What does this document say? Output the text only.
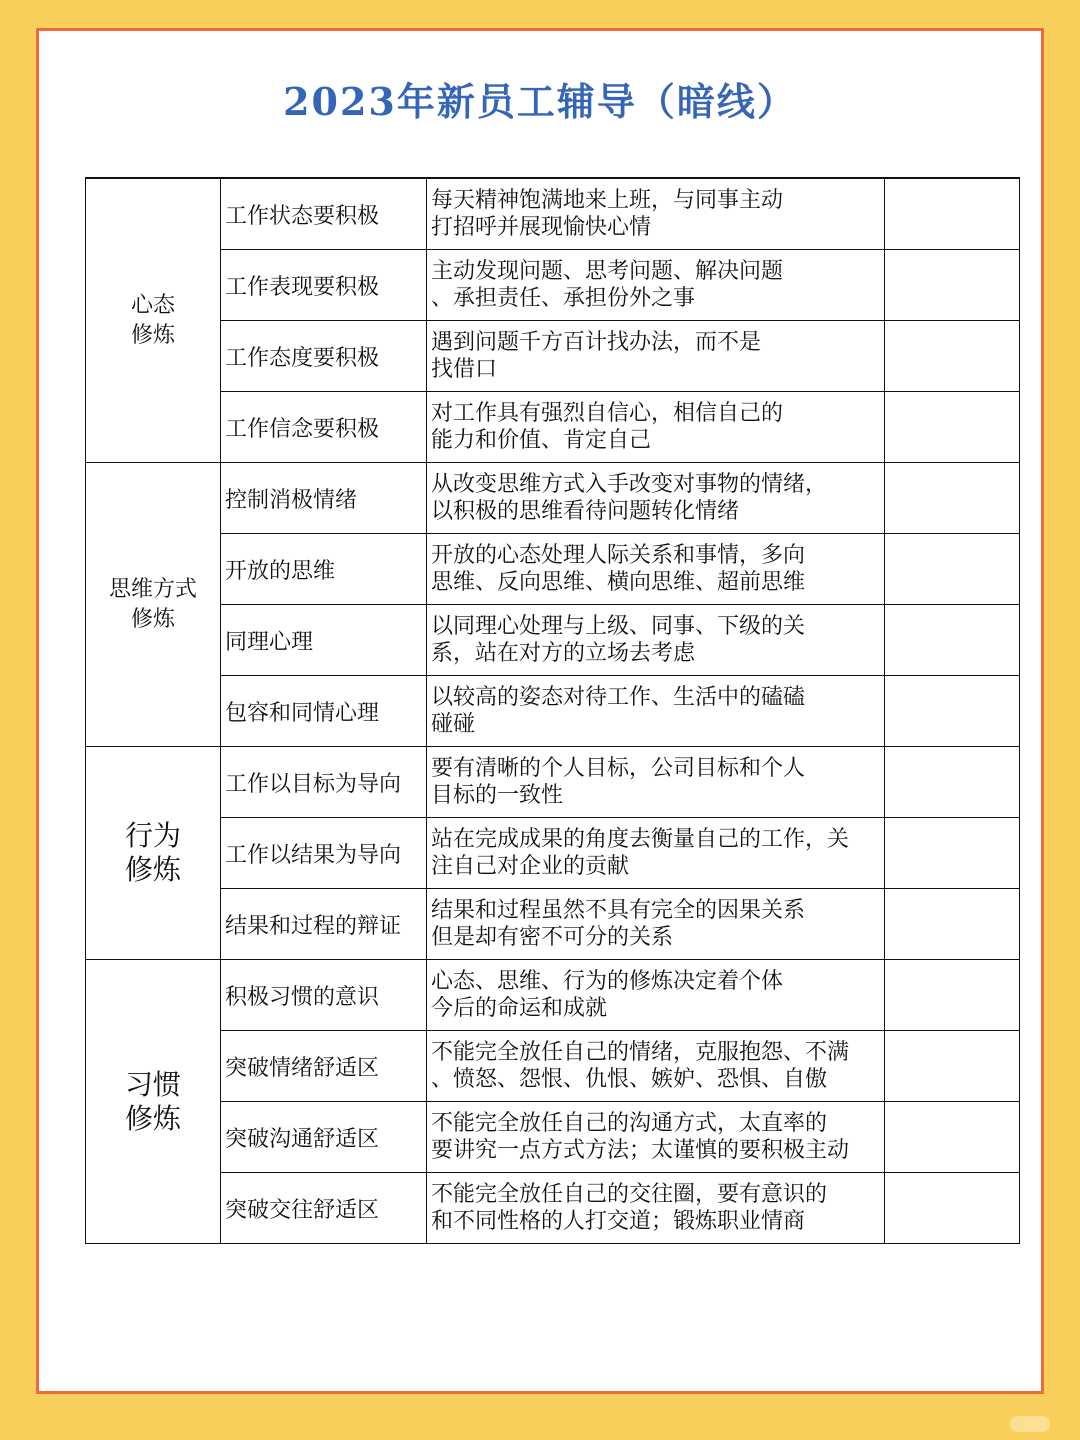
2023年新员工辅导（暗线）
心态
修炼	工作状态要积极	每天精神饱满地来上班，与同事主动
打招呼并展现愉快心情	

	工作表现要积极	主动发现问题、思考问题、解决问题
、承担责任、承担份外之事	

	工作态度要积极	遇到问题千方百计找办法，而不是
找借口	

	工作信念要积极	对工作具有强烈自信心，相信自己的
能力和价值、肯定自己	

思维方式
修炼	控制消极情绪	从改变思维方式入手改变对事物的情绪，
以积极的思维看待问题转化情绪	

	开放的思维	开放的心态处理人际关系和事情，多向
思维、反向思维、横向思维、超前思维	

	同理心理	以同理心处理与上级、同事、下级的关
系，站在对方的立场去考虑	

	包容和同情心理	以较高的姿态对待工作、生活中的磕磕
碰碰	

行为
修炼	工作以目标为导向	要有清晰的个人目标，公司目标和个人
目标的一致性	

	工作以结果为导向	站在完成成果的角度去衡量自己的工作，关
注自己对企业的贡献	

	结果和过程的辩证	结果和过程虽然不具有完全的因果关系
但是却有密不可分的关系	

习惯
修炼	积极习惯的意识	心态、思维、行为的修炼决定着个体
今后的命运和成就	

	突破情绪舒适区	不能完全放任自己的情绪，克服抱怨、不满
、愤怒、怨恨、仇恨、嫉妒、恐惧、自傲	

	突破沟通舒适区	不能完全放任自己的沟通方式，太直率的
要讲究一点方式方法；太谨慎的要积极主动	

	突破交往舒适区	不能完全放任自己的交往圈，要有意识的
和不同性格的人打交道；锻炼职业情商	
